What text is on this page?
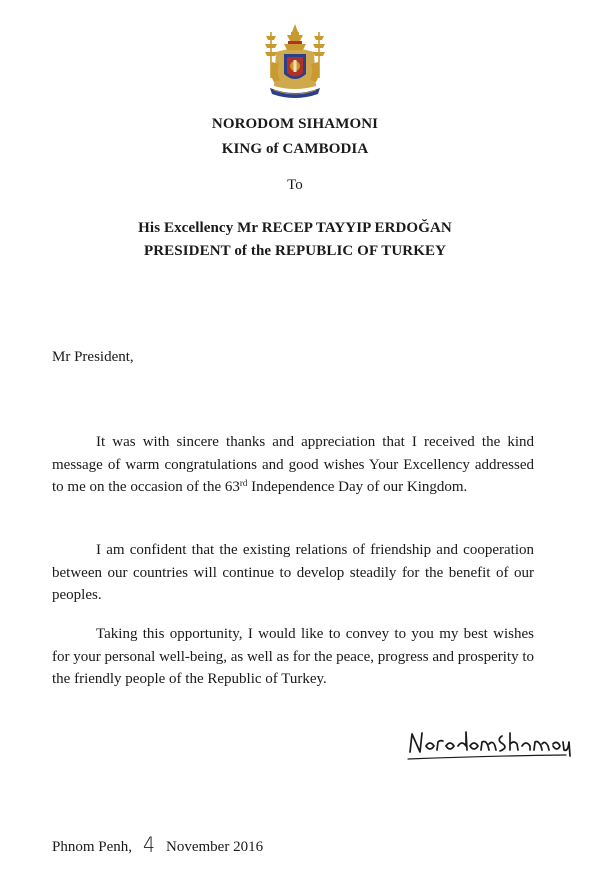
NORODOM SIHAMONI
KING of CAMBODIA
To
His Excellency Mr RECEP TAYYIP ERDOĞAN
PRESIDENT of the REPUBLIC OF TURKEY
Mr President,
It was with sincere thanks and appreciation that I received the kind message of warm congratulations and good wishes Your Excellency addressed to me on the occasion of the 63rd Independence Day of our Kingdom.
I am confident that the existing relations of friendship and cooperation between our countries will continue to develop steadily for the benefit of our peoples.
Taking this opportunity, I would like to convey to you my best wishes for your personal well-being, as well as for the peace, progress and prosperity to the friendly people of the Republic of Turkey.
Phnom Penh, 4 November 2016
